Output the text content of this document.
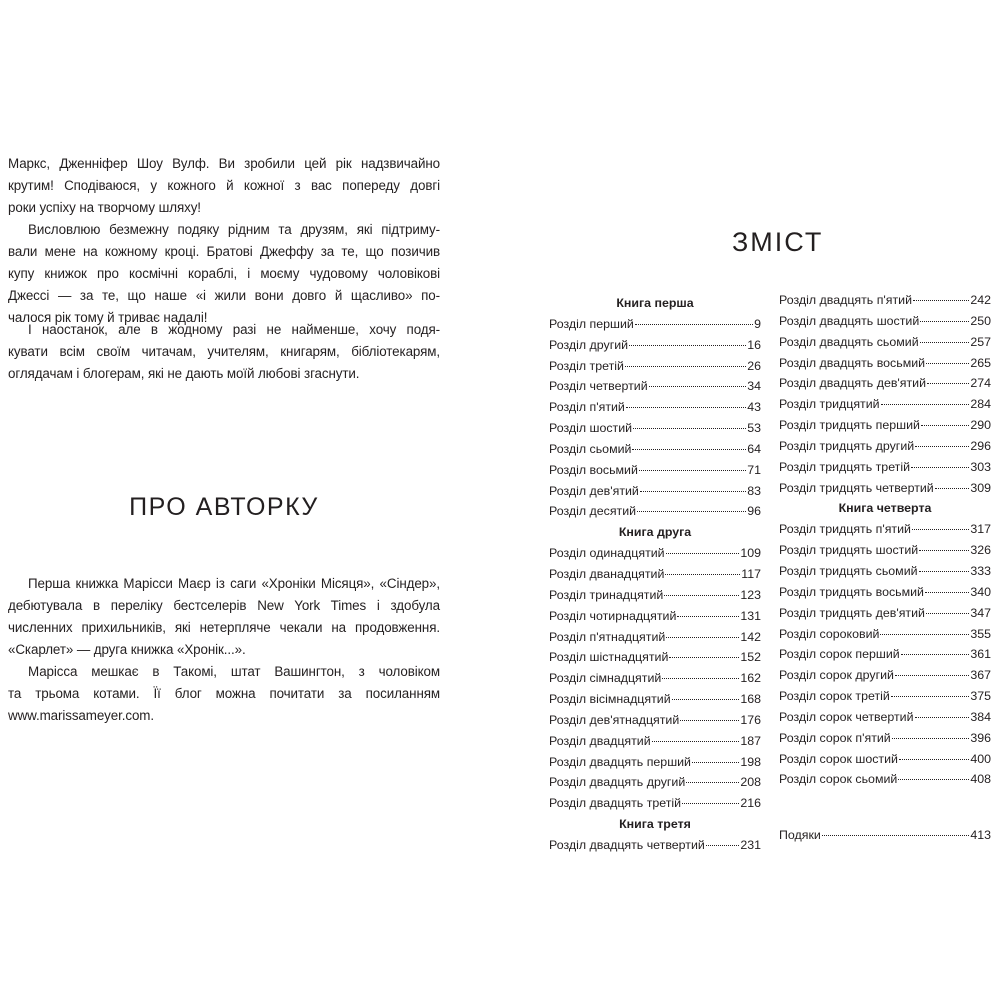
Маркс, Дженніфер Шоу Вулф. Ви зробили цей рік надзвичайно
крутим! Сподіваюся, у кожного й кожної з вас попереду довгі
роки успіху на творчому шляху!

Висловлюю безмежну подяку рідним та друзям, які підтриму-
вали мене на кожному кроці. Братові Джеффу за те, що позичив
купу книжок про космічні кораблі, і моєму чудовому чоловікові
Джессі — за те, що наше «і жили вони довго й щасливо» по-
чалося рік тому й триває надалі!

І наостанок, але в жодному разі не найменше, хочу подя-
кувати всім своїм читачам, учителям, книгарям, бібліотекарям,
оглядачам і блогерам, які не дають моїй любові згаснути.

ПРО АВТОРКУ

Перша книжка Марісси Маєр із саги «Хроніки Місяця», «Сіндер»,
дебютувала в переліку бестселерів New York Times і здобула
численних прихильників, які нетерпляче чекали на продовження.
«Скарлет» — друга книжка «Хронік...».

Марісса мешкає в Такомі, штат Вашингтон, з чоловіком
та трьома котами. Її блог можна почитати за посиланням
www.marissameyer.com.

ЗМІСТ
Книга перша
Розділ перший	9
Розділ другий	16
Розділ третій	26
Розділ четвертий	34
Розділ п'ятий	43
Розділ шостий	53
Розділ сьомий	64
Розділ восьмий	71
Розділ дев'ятий	83
Розділ десятий	96
Книга друга
Розділ одинадцятий	109
Розділ дванадцятий	117
Розділ тринадцятий	123
Розділ чотирнадцятий	131
Розділ п'ятнадцятий	142
Розділ шістнадцятий	152
Розділ сімнадцятий	162
Розділ вісімнадцятий	168
Розділ дев'ятнадцятий	176
Розділ двадцятий	187
Розділ двадцять перший	198
Розділ двадцять другий	208
Розділ двадцять третій	216
Книга третя
Розділ двадцять четвертий	231
Розділ двадцять п'ятий	242
Розділ двадцять шостий	250
Розділ двадцять сьомий	257
Розділ двадцять восьмий	265
Розділ двадцять дев'ятий	274
Розділ тридцятий	284
Розділ тридцять перший	290
Розділ тридцять другий	296
Розділ тридцять третій	303
Розділ тридцять четвертий	309
Книга четверта
Розділ тридцять п'ятий	317
Розділ тридцять шостий	326
Розділ тридцять сьомий	333
Розділ тридцять восьмий	340
Розділ тридцять дев'ятий	347
Розділ сороковий	355
Розділ сорок перший	361
Розділ сорок другий	367
Розділ сорок третій	375
Розділ сорок четвертий	384
Розділ сорок п'ятий	396
Розділ сорок шостий	400
Розділ сорок сьомий	408
Подяки	413
